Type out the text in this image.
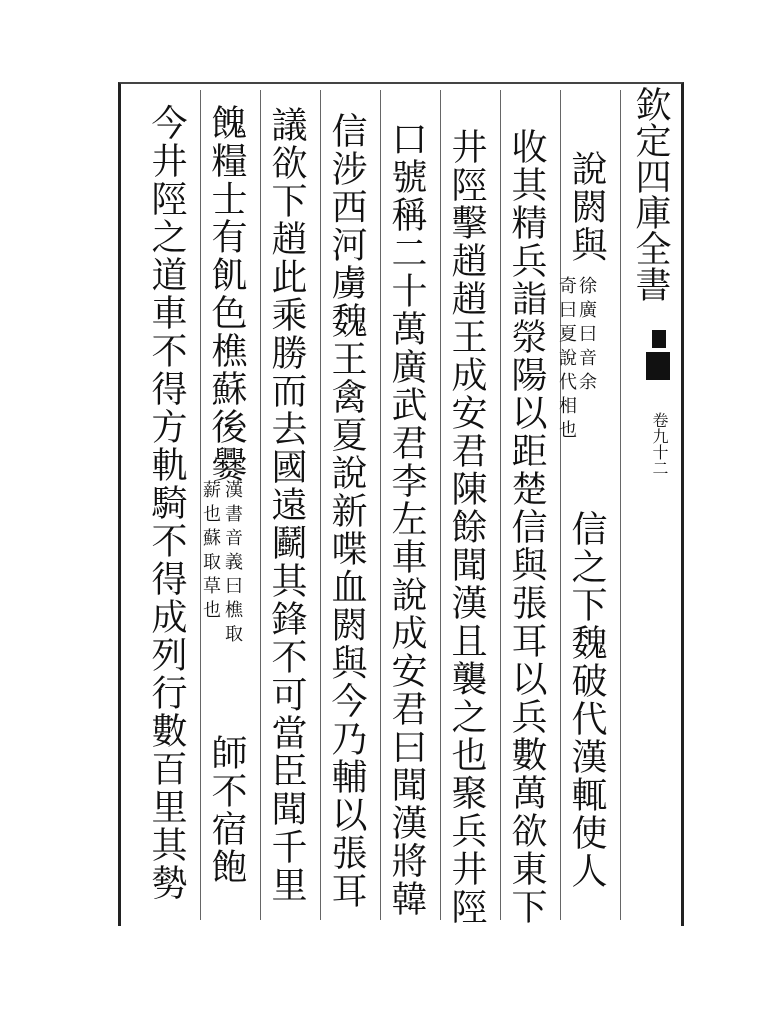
欽定四庫全書
卷九十二
說閼與
徐廣曰音余
奇曰夏說代相也
信之下魏破代漢輒使人
收其精兵詣滎陽以距楚信與張耳以兵數萬欲東下
井陘擊趙趙王成安君陳餘聞漢且襲之也聚兵井陘
口號稱二十萬廣武君李左車說成安君曰聞漢將韓
信涉西河虜魏王禽夏說新喋血閼與今乃輔以張耳
議欲下趙此乘勝而去國遠鬬其鋒不可當臣聞千里
餽糧士有飢色樵蘇後爨
漢書音義曰樵取
薪也蘇取草也
師不宿飽
今井陘之道車不得方軌騎不得成列行數百里其勢
